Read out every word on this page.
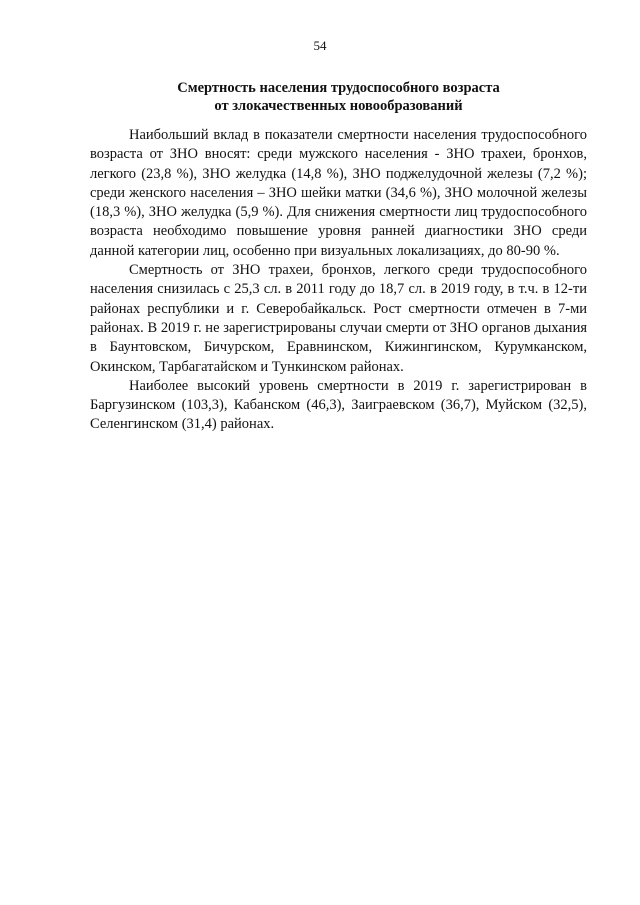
54
Смертность населения трудоспособного возраста
от злокачественных новообразований

Наибольший вклад в показатели смертности населения трудоспособного возраста от ЗНО вносят: среди мужского населения - ЗНО трахеи, бронхов, легкого (23,8 %), ЗНО желудка (14,8 %), ЗНО поджелудочной железы (7,2 %); среди женского населения – ЗНО шейки матки (34,6 %), ЗНО молочной железы (18,3 %), ЗНО желудка (5,9 %). Для снижения смертности лиц трудоспособного возраста необходимо повышение уровня ранней диагностики ЗНО среди данной категории лиц, особенно при визуальных локализациях, до 80-90 %.

Смертность от ЗНО трахеи, бронхов, легкого среди трудоспособного населения снизилась с 25,3 сл. в 2011 году до 18,7 сл. в 2019 году, в т.ч. в 12-ти районах республики и г. Северобайкальск. Рост смертности отмечен в 7-ми районах. В 2019 г. не зарегистрированы случаи смерти от ЗНО органов дыхания в Баунтовском, Бичурском, Еравнинском, Кижингинском, Курумканском, Окинском, Тарбагатайском и Тункинском районах.

Наиболее высокий уровень смертности в 2019 г. зарегистрирован в Баргузинском (103,3), Кабанском (46,3), Заиграевском (36,7), Муйском (32,5), Селенгинском (31,4) районах.
